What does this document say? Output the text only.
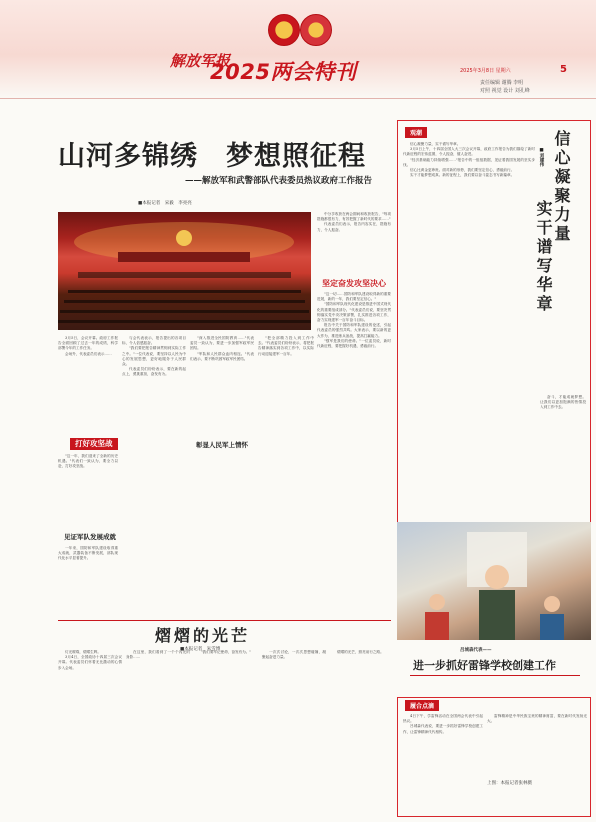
解放军报
2025两会特刊	2025年3月8日 星期六	5
责任编辑 谢腾 李明
对照 视觉 设计 刘孔峰
山河多锦绣　梦想照征程
——解放军和武警部队代表委员热议政府工作报告
■本报记者　宋毅　李亮亮

中分享收获在两会期间和收获报告，"每项措施都很有力，有效把握了新时代的要求……"

代表委员们表示，报告内容实在，措施有力，令人振奋。

坚定奋发攻坚决心

"这一切……国防和军队建设取得新的重要进展，新的一年，我们要坚定信心。"

"国防和军队现代化建设是推进中国式现代化的重要组成部分。"代表委员们说，要坚决贯彻落实党中央决策部署，扎实推进各项工作，奋力实现建军一百年奋斗目标。

报告中关于国防和军队建设的论述，引起代表委员的强烈共鸣。大家表示，要以新的更大作为，推进练兵备战，提高打赢能力。

"强军是我们的使命。"一位委员说，新时代新征程，要把握好机遇，勇毅前行。

3月5日，会议开幕。政府工作报告全面回顾了过去一年的成绩，科学部署今年的工作任务。

会场外，代表委员们表示……

打好攻坚战

"这一年，我们迎来了全新的历史机遇。"代表们一致认为，要全力以赴，打好攻坚战。

见证军队发展成就

一年来，国防和军队建设取得重大成就，武器装备不断发展，部队现代化水平显著提升。

与会代表表示，报告提出的各项目标，令人倍感振奋。

"我们要把报告精神贯彻到实际工作之中。"一位代表说，要坚持以人民为中心的发展思想，更好地服务于人民群众。

代表委员们纷纷表示，要在新的起点上，勇挑重担，奋发有为。

彰显人民军上情怀

"深入推进全民国防教育……"代表委员一致认为，要进一步加强军政军民团结。

"军队和人民群众血肉相连。"代表们表示，要不断巩固军政军民团结。

"把全部精力投入到工作中去。"代表委员们纷纷表示，将把报告精神落实到各项工作中，以实际行动迎接建军一百年。

观潮

信心凝聚力量，实干谱写华章。

3月5日上午，十四届全国人大三次会议开幕，政府工作报告为我们描绘了新时代新征程的宏伟蓝图，令人振奋，催人奋进。

"经济基础能力持续增强……"报告中的一组组数据，见证着我国发展的坚实步伐。

信心比黄金更珍贵。面对新的形势，我们要坚定信心，勇毅前行。

实干才能梦想成真。新的征程上，我们要以奋斗姿态书写新篇章。	信心凝聚力量
实干谱写华章
■刘建伟

奋斗，才能成就梦想。让我们以更加饱满的热情投入到工作中去。

吕城森代表——
进一步抓好雷锋学校创建工作
熠熠的光芒
■本报记者　朱雪博

灯光璀璨，熠熠生辉。

3月4日，全国政协十四届三次会议开幕。代表委员们怀着无比激动的心情步入会场。

在这里，我们看到了一个个闪光的身影……

"我们要牢记使命，奋发有为。"	一次次讨论，一次次思想碰撞，凝聚起奋进力量。

熠熠的光芒，照亮前行之路。

履合点滴

4日下午，学雷锋活动在全国两会代表中引起热议。

吕城森代表说，要进一步抓好雷锋学校创建工作，让雷锋精神代代相传。

雷锋精神是中华民族宝贵的精神财富，要在新时代发扬光大。

上图：本报记者张林摄
